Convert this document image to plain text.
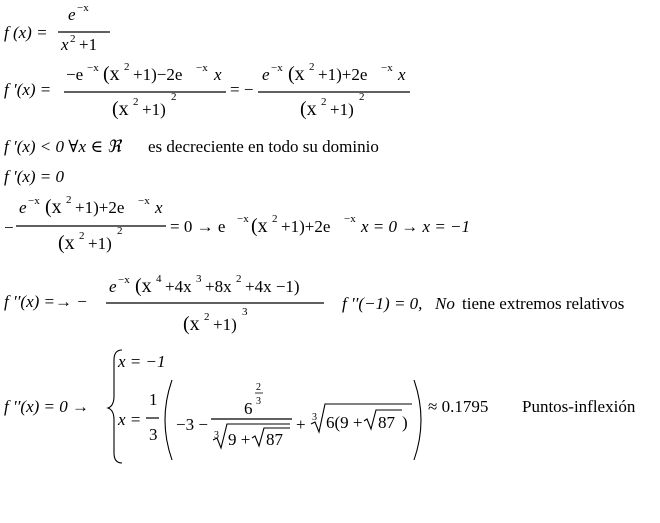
f (x) =
e −x
x 2 +1
f ′(x) =
−e −x (x 2 +1)−2e −x x
(x 2 +1)
2	= −
e −x (x 2 +1)+2e −x x
(x 2 +1)
2
f ′(x) < 0 ∀x ∈ ℜ es decreciente en todo su dominio
f ′(x) = 0
−
e −x (x 2 +1)+2e −x x
(x 2 +1)
2	= 0 → e −x (x 2 +1)+2e −x x = 0 → x = −1
f ′′(x) =→ −
e −x (x 4 +4x 3 +8x 2 +4x −1)
(x 2 +1)
3	f ′′(−1) = 0, No tiene extremos relativos
f ′′(x) = 0 →
x = −1
x =
1
3
−3 −
6
2
3
3 9 + 87
+ 3 6(9 + 87 )
≈ 0.1795 Puntos-inflexión
